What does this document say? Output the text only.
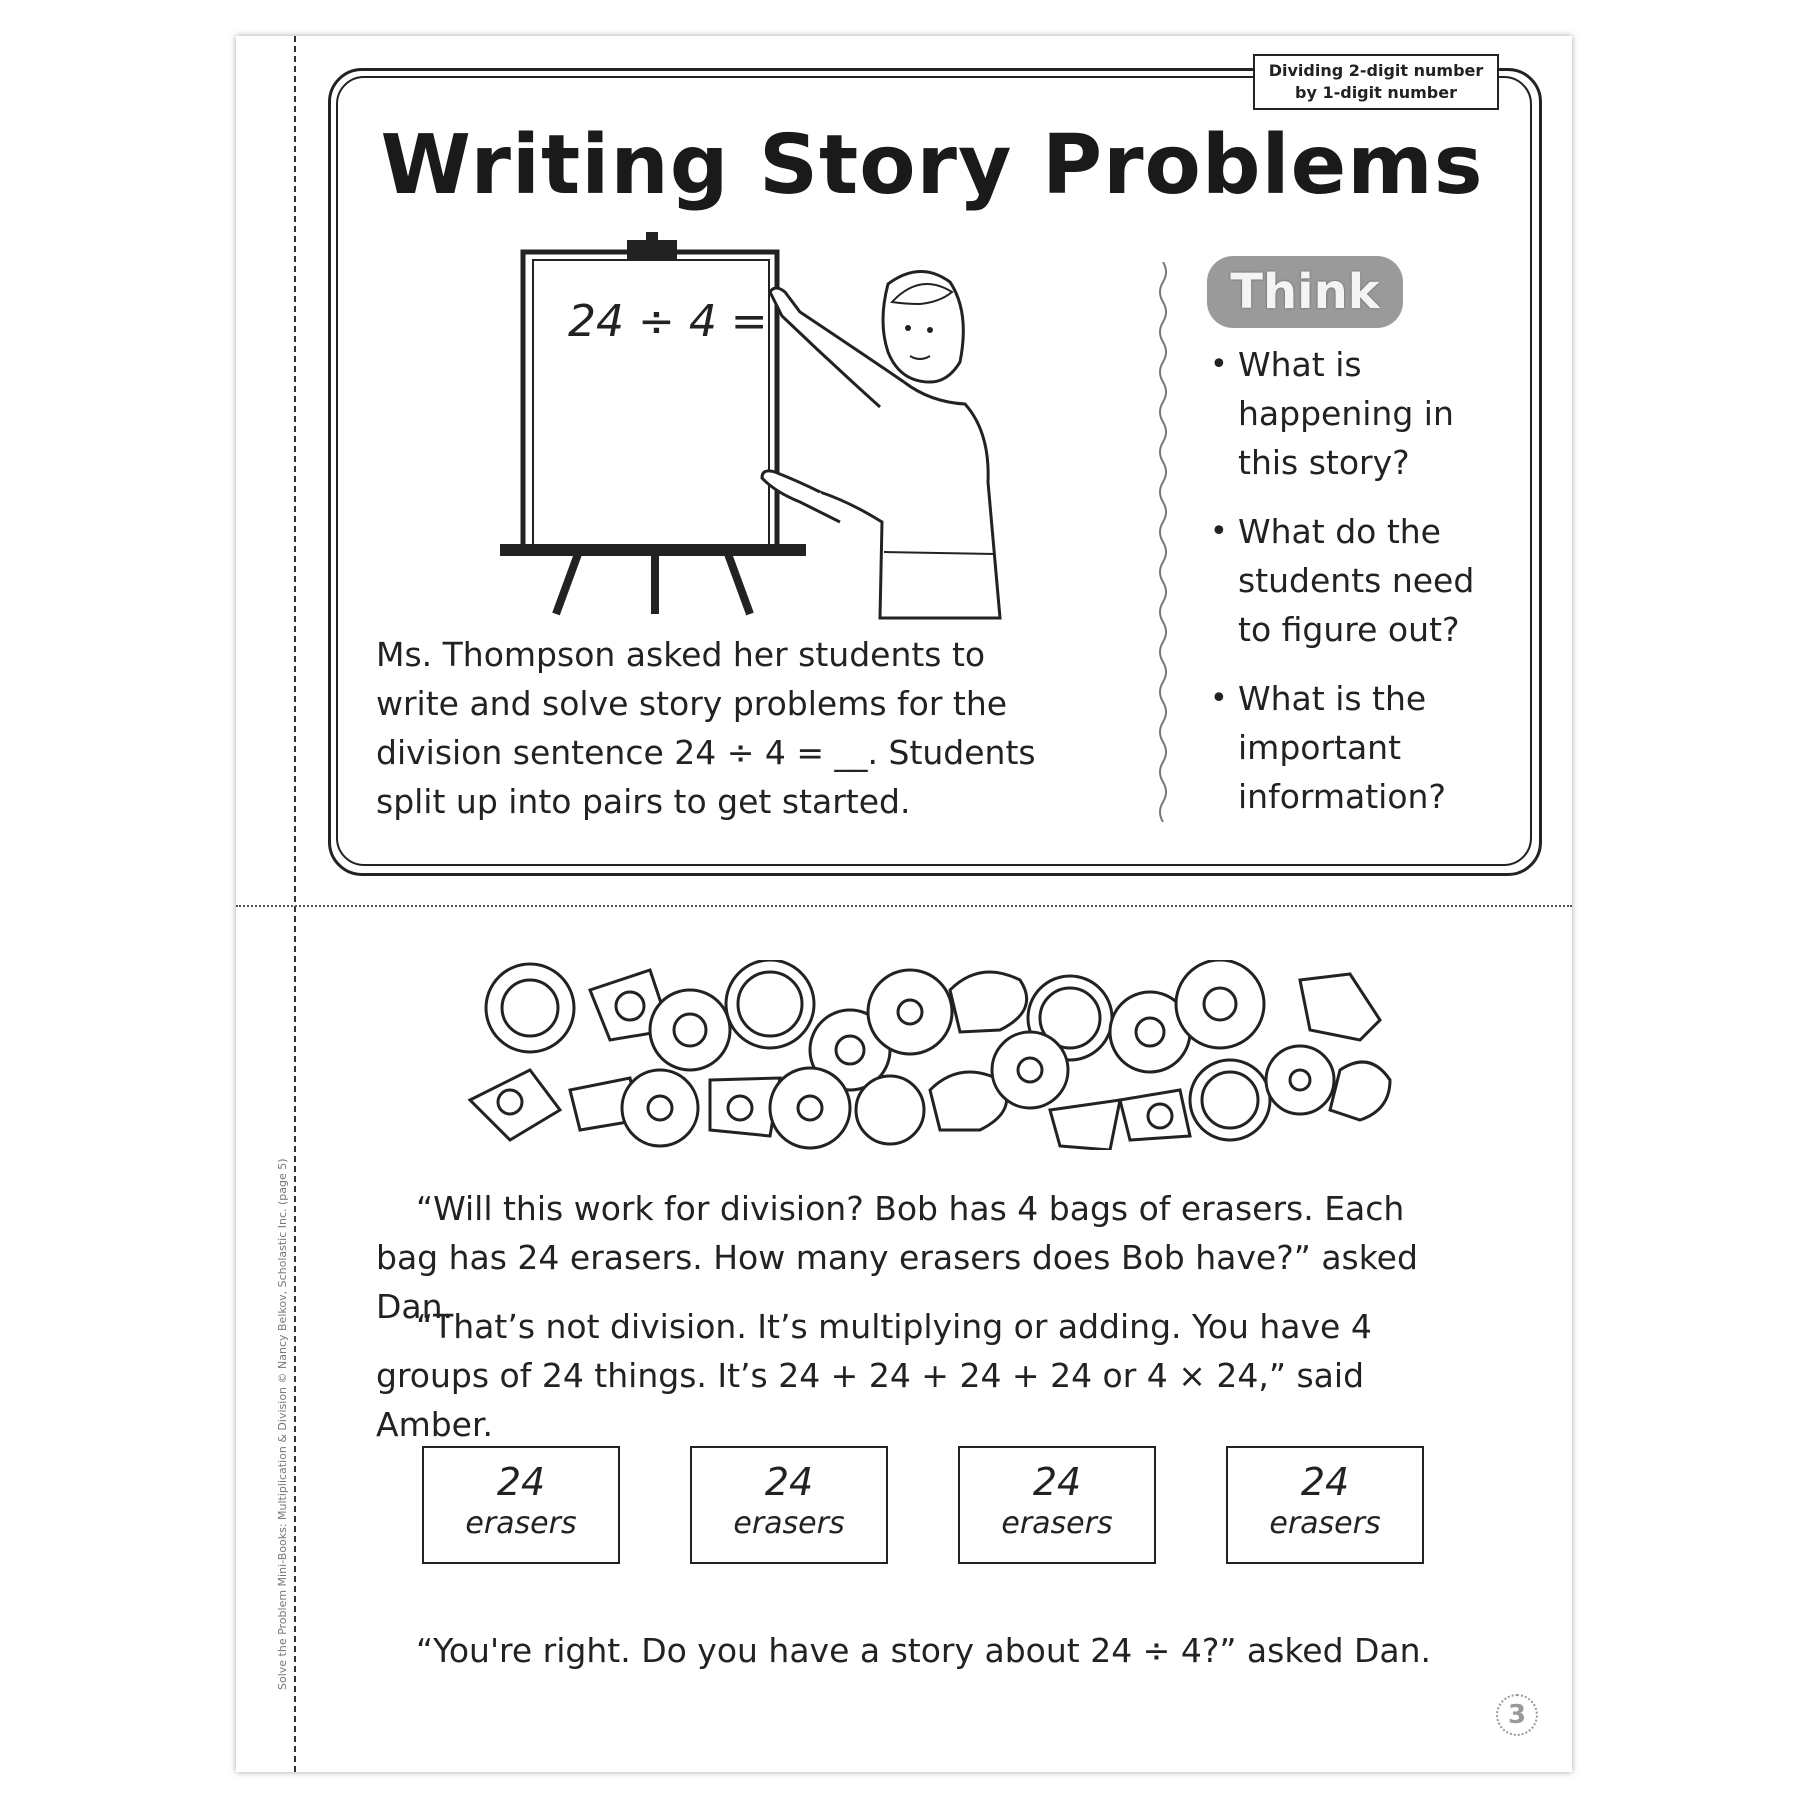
Solve the Problem Mini-Books: Multiplication & Division © Nancy Belkov, Scholastic Inc. (page 5)
Dividing 2-digit number
by 1-digit number
Writing Story Problems
24 ÷ 4 =
Ms. Thompson asked her students to write and solve story problems for the division sentence 24 ÷ 4 = __. Students split up into pairs to get started.
Think
• What is happening in this story?
• What do the students need to figure out?
• What is the important information?
“Will this work for division? Bob has 4 bags of erasers. Each bag has 24 erasers. How many erasers does Bob have?” asked Dan.
“That’s not division. It’s multiplying or adding. You have 4 groups of 24 things. It’s 24 + 24 + 24 + 24 or 4 × 24,” said Amber.
24
erasers
24
erasers
24
erasers
24
erasers
“You're right. Do you have a story about 24 ÷ 4?” asked Dan.
3
